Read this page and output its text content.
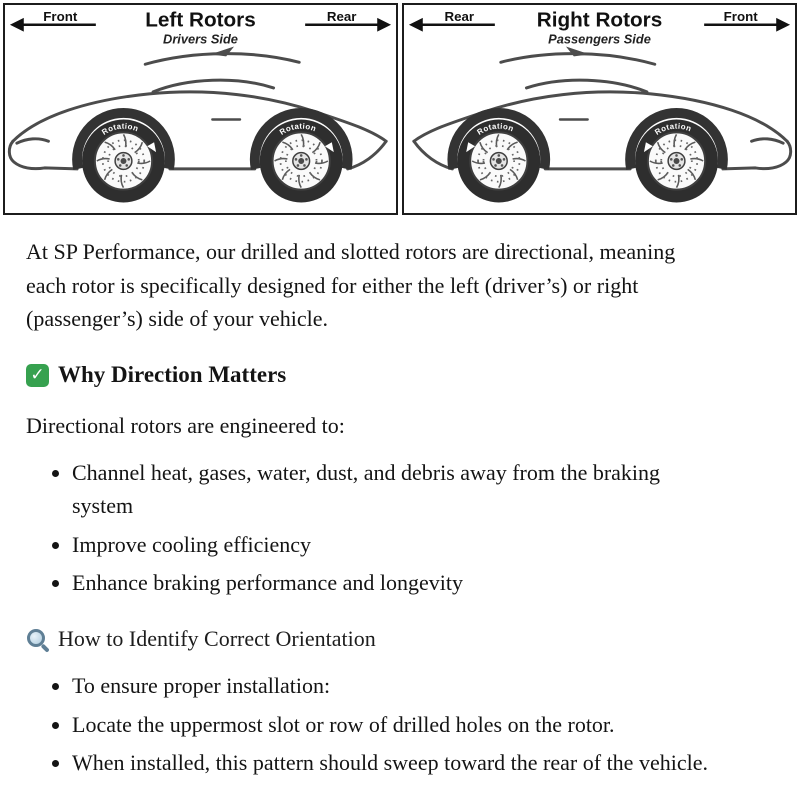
Left Rotors
Drivers Side
Front	Rear
Rotation	Rotation
Right Rotors
Passengers Side
Rear	Front
Rotation
Rotation

At SP Performance, our drilled and slotted rotors are directional, meaning each rotor is specifically designed for either the left (driver’s) or right (passenger’s) side of your vehicle.

✓
Why Direction Matters

Directional rotors are engineered to:

• Channel heat, gases, water, dust, and debris away from the braking system
• Improve cooling efficiency
• Enhance braking performance and longevity
How to Identify Correct Orientation
• To ensure proper installation:
• Locate the uppermost slot or row of drilled holes on the rotor.
• When installed, this pattern should sweep toward the rear of the vehicle.
